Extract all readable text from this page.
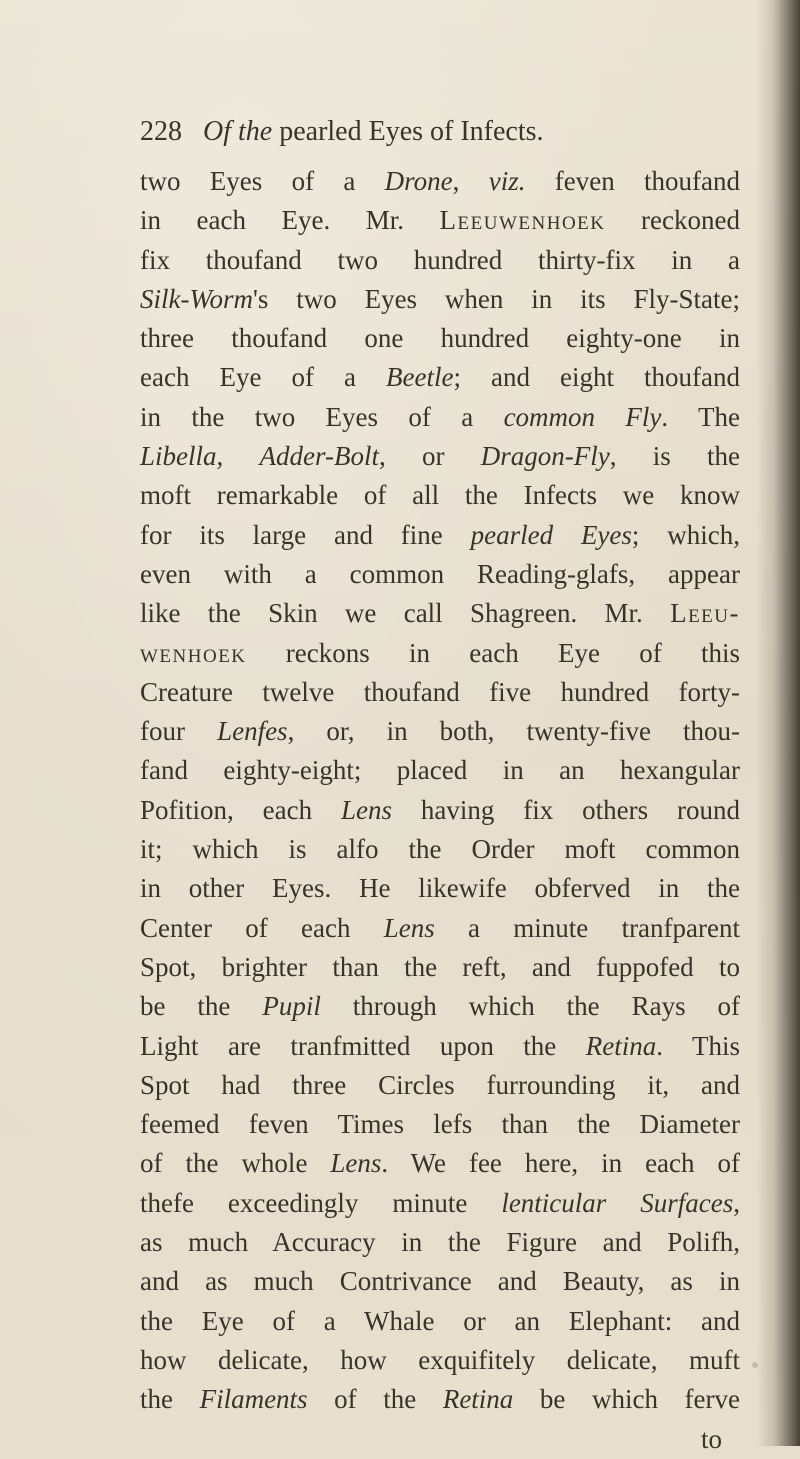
228 Of the pearled Eyes of Infects.
two Eyes of a Drone, viz. feven thoufand
in each Eye. Mr. Leeuwenhoek reckoned
fix thoufand two hundred thirty-fix in a
Silk-Worm's two Eyes when in its Fly-State;
three thoufand one hundred eighty-one in
each Eye of a Beetle; and eight thoufand
in the two Eyes of a common Fly. The
Libella, Adder-Bolt, or Dragon-Fly, is the
moft remarkable of all the Infects we know
for its large and fine pearled Eyes; which,
even with a common Reading-glafs, appear
like the Skin we call Shagreen. Mr. Leeu-
wenhoek reckons in each Eye of this
Creature twelve thoufand five hundred forty-
four Lenfes, or, in both, twenty-five thou-
fand eighty-eight; placed in an hexangular
Pofition, each Lens having fix others round
it; which is alfo the Order moft common
in other Eyes. He likewife obferved in the
Center of each Lens a minute tranfparent
Spot, brighter than the reft, and fuppofed to
be the Pupil through which the Rays of
Light are tranfmitted upon the Retina. This
Spot had three Circles furrounding it, and
feemed feven Times lefs than the Diameter
of the whole Lens. We fee here, in each of
thefe exceedingly minute lenticular Surfaces,
as much Accuracy in the Figure and Polifh,
and as much Contrivance and Beauty, as in
the Eye of a Whale or an Elephant: and
how delicate, how exquifitely delicate, muft
the Filaments of the Retina be which ferve
to
